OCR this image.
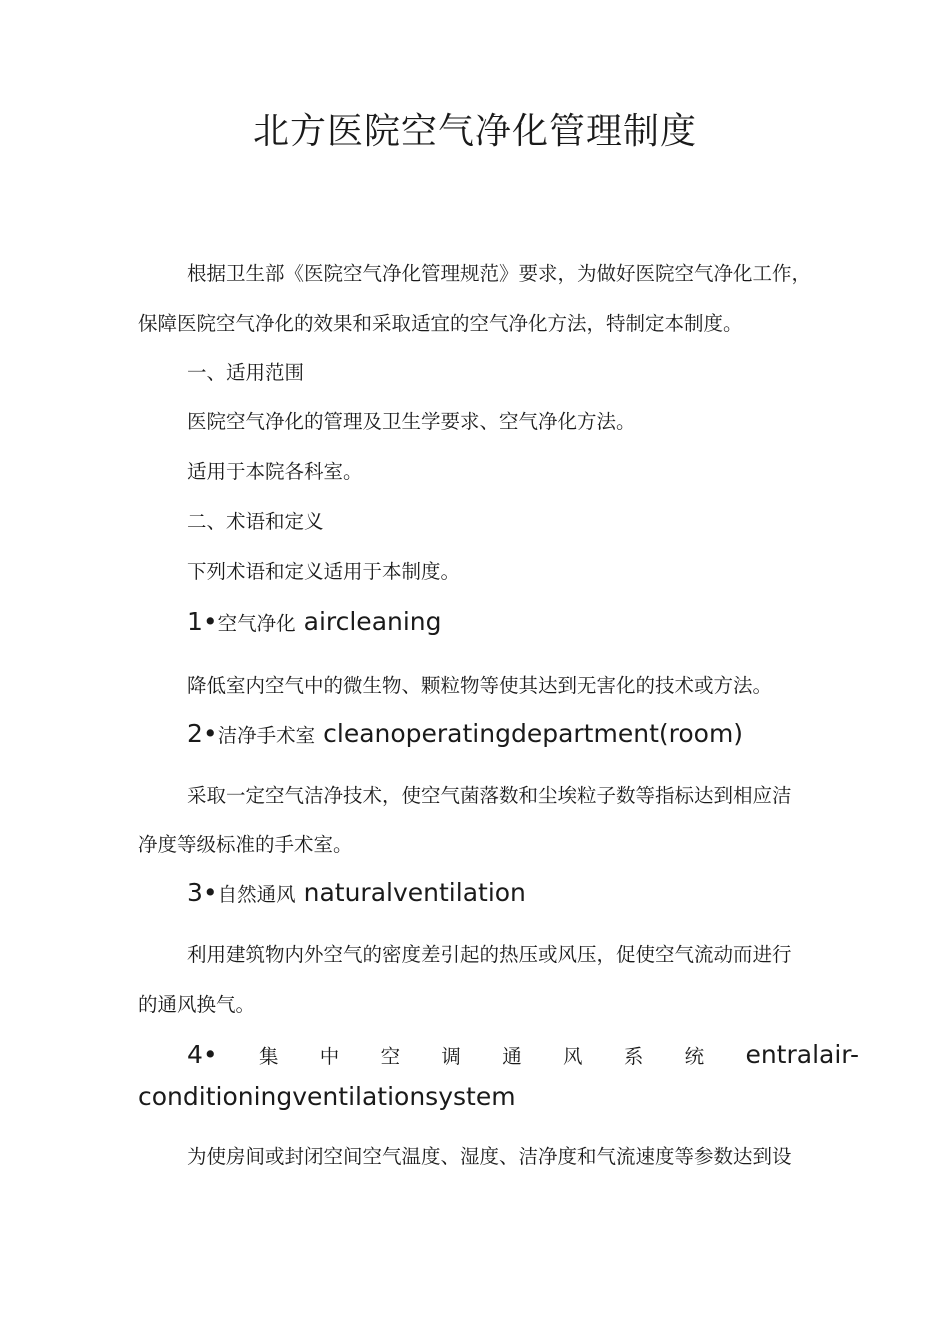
北方医院空气净化管理制度
根据卫生部《医院空气净化管理规范》要求，为做好医院空气净化工作，
保障医院空气净化的效果和采取适宜的空气净化方法，特制定本制度。
一、适用范围
医院空气净化的管理及卫生学要求、空气净化方法。
适用于本院各科室。
二、术语和定义
下列术语和定义适用于本制度。
1•空气净化 aircleaning
降低室内空气中的微生物、颗粒物等使其达到无害化的技术或方法。
2•洁净手术室 cleanoperatingdepartment(room)
采取一定空气洁净技术，使空气菌落数和尘埃粒子数等指标达到相应洁
净度等级标准的手术室。
3•自然通风 naturalventilation
利用建筑物内外空气的密度差引起的热压或风压，促使空气流动而进行
的通风换气。
4• 集 中 空 调 通 风 系 统 entralair-
conditioningventilationsystem
为使房间或封闭空间空气温度、湿度、洁净度和气流速度等参数达到设
